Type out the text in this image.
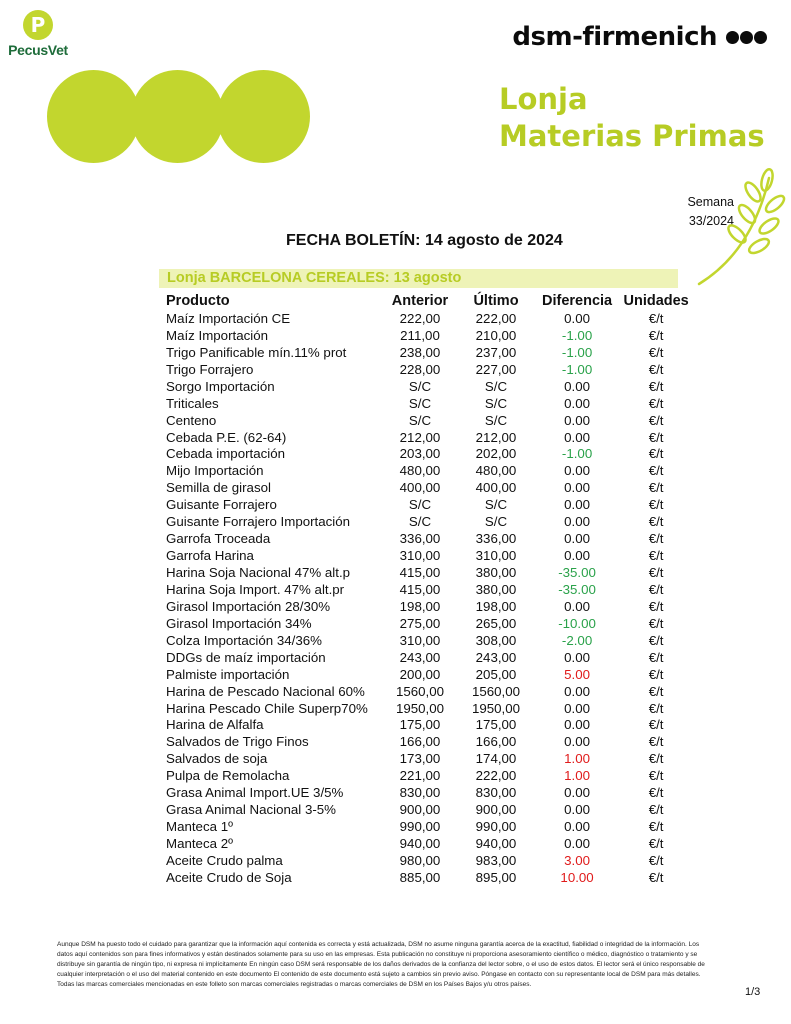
P
PecusVet	dsm-firmenich
Lonja
Materias Primas
Semana
33/2024
FECHA BOLETÍN: 14 agosto de 2024
Lonja BARCELONA CEREALES: 13 agosto
Producto	Anterior	Último	Diferencia	Unidades
Maíz Importación CE	222,00	222,00	0.00	€/t
Maíz Importación	211,00	210,00	-1.00	€/t
Trigo Panificable mín.11% prot	238,00	237,00	-1.00	€/t
Trigo Forrajero	228,00	227,00	-1.00	€/t
Sorgo Importación	S/C	S/C	0.00	€/t
Triticales	S/C	S/C	0.00	€/t
Centeno	S/C	S/C	0.00	€/t
Cebada P.E. (62-64)	212,00	212,00	0.00	€/t
Cebada importación	203,00	202,00	-1.00	€/t
Mijo Importación	480,00	480,00	0.00	€/t
Semilla de girasol	400,00	400,00	0.00	€/t
Guisante Forrajero	S/C	S/C	0.00	€/t
Guisante Forrajero Importación	S/C	S/C	0.00	€/t
Garrofa Troceada	336,00	336,00	0.00	€/t
Garrofa Harina	310,00	310,00	0.00	€/t
Harina Soja Nacional 47% alt.p	415,00	380,00	-35.00	€/t
Harina Soja Import. 47% alt.pr	415,00	380,00	-35.00	€/t
Girasol Importación 28/30%	198,00	198,00	0.00	€/t
Girasol Importación 34%	275,00	265,00	-10.00	€/t
Colza Importación 34/36%	310,00	308,00	-2.00	€/t
DDGs de maíz importación	243,00	243,00	0.00	€/t
Palmiste importación	200,00	205,00	5.00	€/t
Harina de Pescado Nacional 60%	1560,00	1560,00	0.00	€/t
Harina Pescado Chile Superp70%	1950,00	1950,00	0.00	€/t
Harina de Alfalfa	175,00	175,00	0.00	€/t
Salvados de Trigo Finos	166,00	166,00	0.00	€/t
Salvados de soja	173,00	174,00	1.00	€/t
Pulpa de Remolacha	221,00	222,00	1.00	€/t
Grasa Animal Import.UE 3/5%	830,00	830,00	0.00	€/t
Grasa Animal Nacional 3-5%	900,00	900,00	0.00	€/t
Manteca 1º	990,00	990,00	0.00	€/t
Manteca 2º	940,00	940,00	0.00	€/t
Aceite Crudo palma	980,00	983,00	3.00	€/t
Aceite Crudo de Soja	885,00	895,00	10.00	€/t
Aunque DSM ha puesto todo el cuidado para garantizar que la información aquí contenida es correcta y está actualizada, DSM no asume ninguna garantía acerca de la exactitud, fiabilidad o integridad de la información. Los datos aquí contenidos son para fines informativos y están destinados solamente para su uso en las empresas. Esta publicación no constituye ni proporciona asesoramiento científico o médico, diagnóstico o tratamiento y se distribuye sin garantía de ningún tipo, ni expresa ni implícitamente En ningún caso DSM será responsable de los daños derivados de la confianza del lector sobre, o el uso de estos datos. El lector será el único responsable de cualquier interpretación o el uso del material contenido en este documento El contenido de este documento está sujeto a cambios sin previo aviso. Póngase en contacto con su representante local de DSM para más detalles. Todas las marcas comerciales mencionadas en este folleto son marcas comerciales registradas o marcas comerciales de DSM en los Países Bajos y/u otros países.
1/3
